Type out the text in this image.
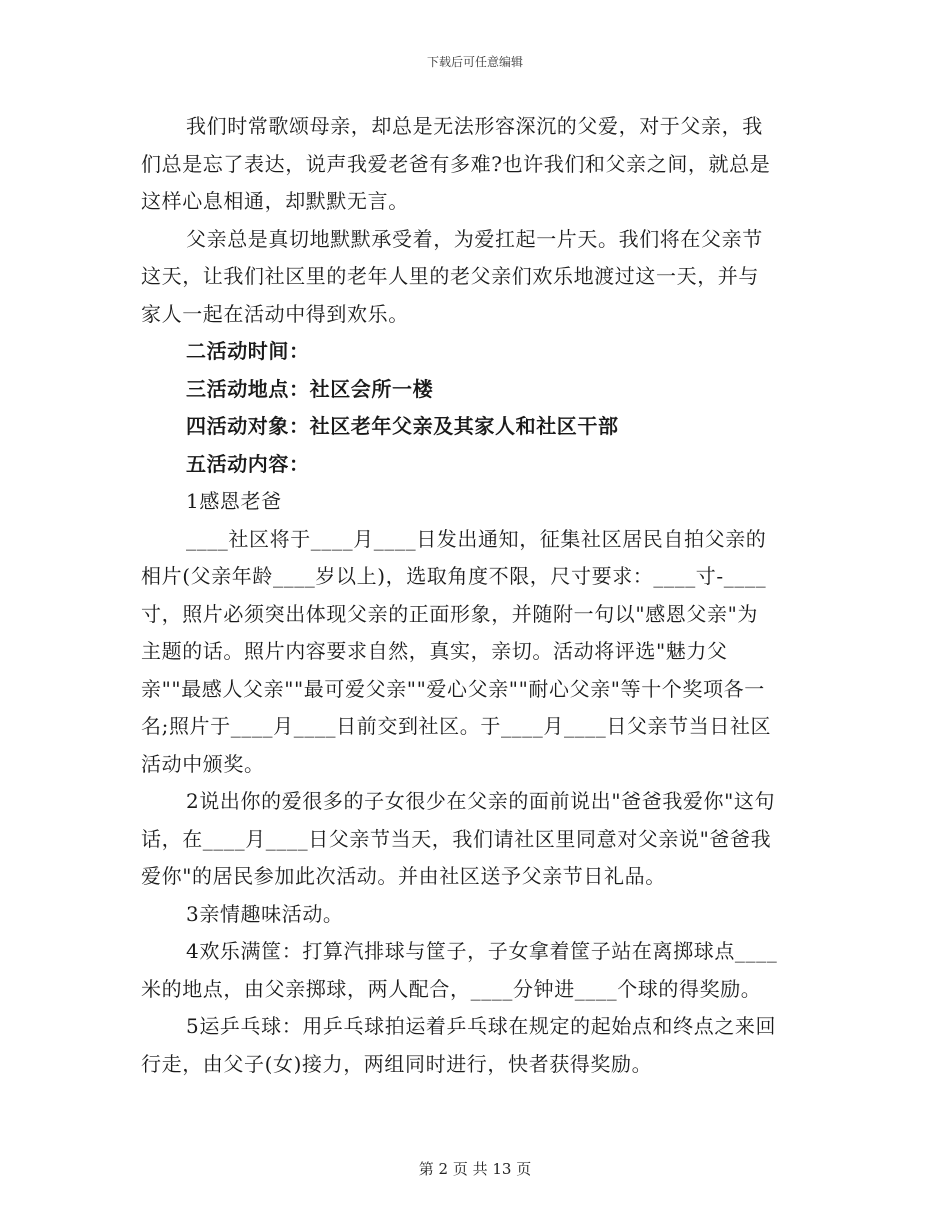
下载后可任意编辑
我们时常歌颂母亲，却总是无法形容深沉的父爱，对于父亲，我
们总是忘了表达，说声我爱老爸有多难?也许我们和父亲之间，就总是
这样心息相通，却默默无言。
父亲总是真切地默默承受着，为爱扛起一片天。我们将在父亲节
这天，让我们社区里的老年人里的老父亲们欢乐地渡过这一天，并与
家人一起在活动中得到欢乐。
二活动时间：
三活动地点：社区会所一楼
四活动对象：社区老年父亲及其家人和社区干部
五活动内容：
1感恩老爸
____社区将于____月____日发出通知，征集社区居民自拍父亲的
相片(父亲年龄____岁以上)，选取角度不限，尺寸要求：____寸-____
寸，照片必须突出体现父亲的正面形象，并随附一句以"感恩父亲"为
主题的话。照片内容要求自然，真实，亲切。活动将评选"魅力父
亲""最感人父亲""最可爱父亲""爱心父亲""耐心父亲"等十个奖项各一
名;照片于____月____日前交到社区。于____月____日父亲节当日社区
活动中颁奖。
2说出你的爱很多的子女很少在父亲的面前说出"爸爸我爱你"这句
话，在____月____日父亲节当天，我们请社区里同意对父亲说"爸爸我
爱你"的居民参加此次活动。并由社区送予父亲节日礼品。
3亲情趣味活动。
4欢乐满筐：打算汽排球与筐子，子女拿着筐子站在离掷球点____
米的地点，由父亲掷球，两人配合，____分钟进____个球的得奖励。
5运乒乓球：用乒乓球拍运着乒乓球在规定的起始点和终点之来回
行走，由父子(女)接力，两组同时进行，快者获得奖励。
第 2 页 共 13 页
